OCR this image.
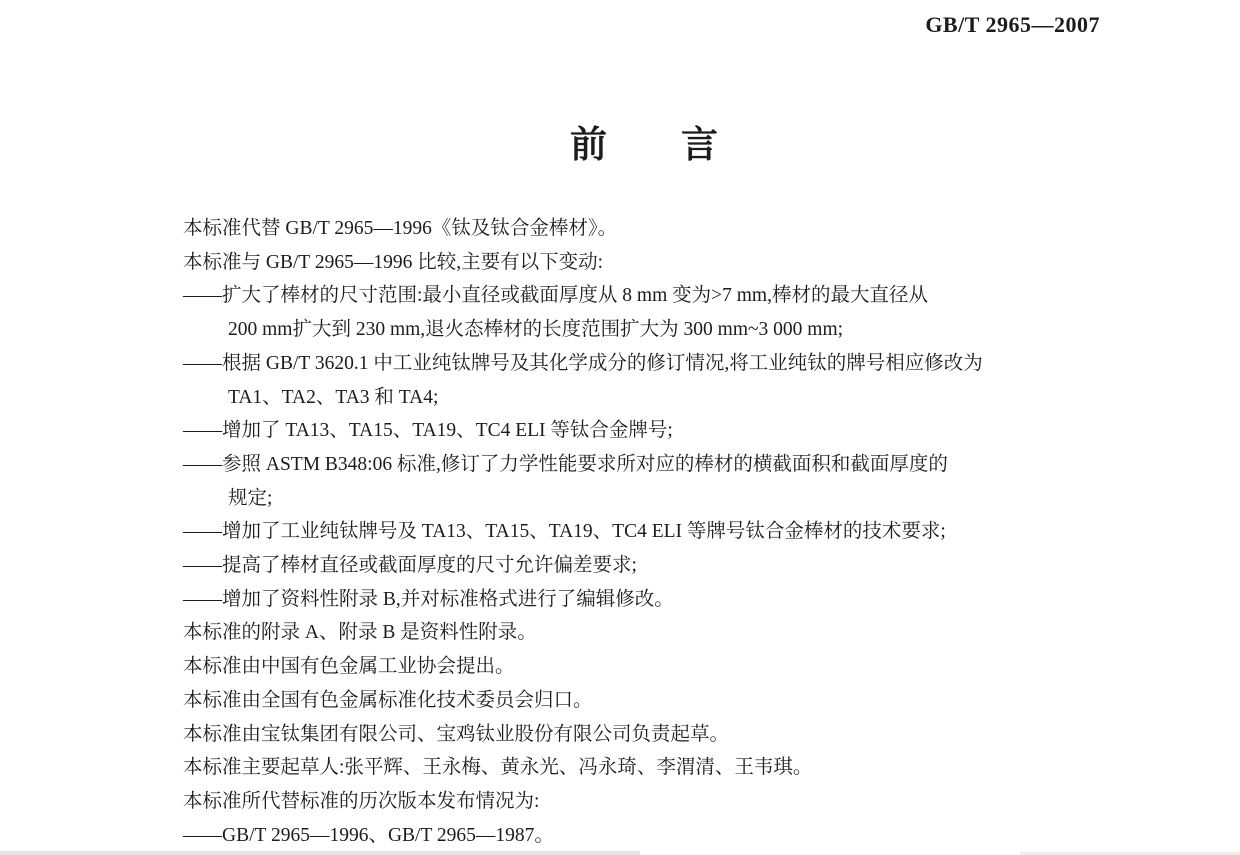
GB/T 2965—2007
前　　言
本标准代替 GB/T 2965—1996《钛及钛合金棒材》。
本标准与 GB/T 2965—1996 比较,主要有以下变动:
——扩大了棒材的尺寸范围:最小直径或截面厚度从 8 mm 变为>7 mm,棒材的最大直径从
200 mm扩大到 230 mm,退火态棒材的长度范围扩大为 300 mm~3 000 mm;
——根据 GB/T 3620.1 中工业纯钛牌号及其化学成分的修订情况,将工业纯钛的牌号相应修改为
TA1、TA2、TA3 和 TA4;
——增加了 TA13、TA15、TA19、TC4 ELI 等钛合金牌号;
——参照 ASTM B348:06 标准,修订了力学性能要求所对应的棒材的横截面积和截面厚度的
规定;
——增加了工业纯钛牌号及 TA13、TA15、TA19、TC4 ELI 等牌号钛合金棒材的技术要求;
——提高了棒材直径或截面厚度的尺寸允许偏差要求;
——增加了资料性附录 B,并对标准格式进行了编辑修改。
本标准的附录 A、附录 B 是资料性附录。
本标准由中国有色金属工业协会提出。
本标准由全国有色金属标准化技术委员会归口。
本标准由宝钛集团有限公司、宝鸡钛业股份有限公司负责起草。
本标准主要起草人:张平辉、王永梅、黄永光、冯永琦、李渭清、王韦琪。
本标准所代替标准的历次版本发布情况为:
——GB/T 2965—1996、GB/T 2965—1987。
